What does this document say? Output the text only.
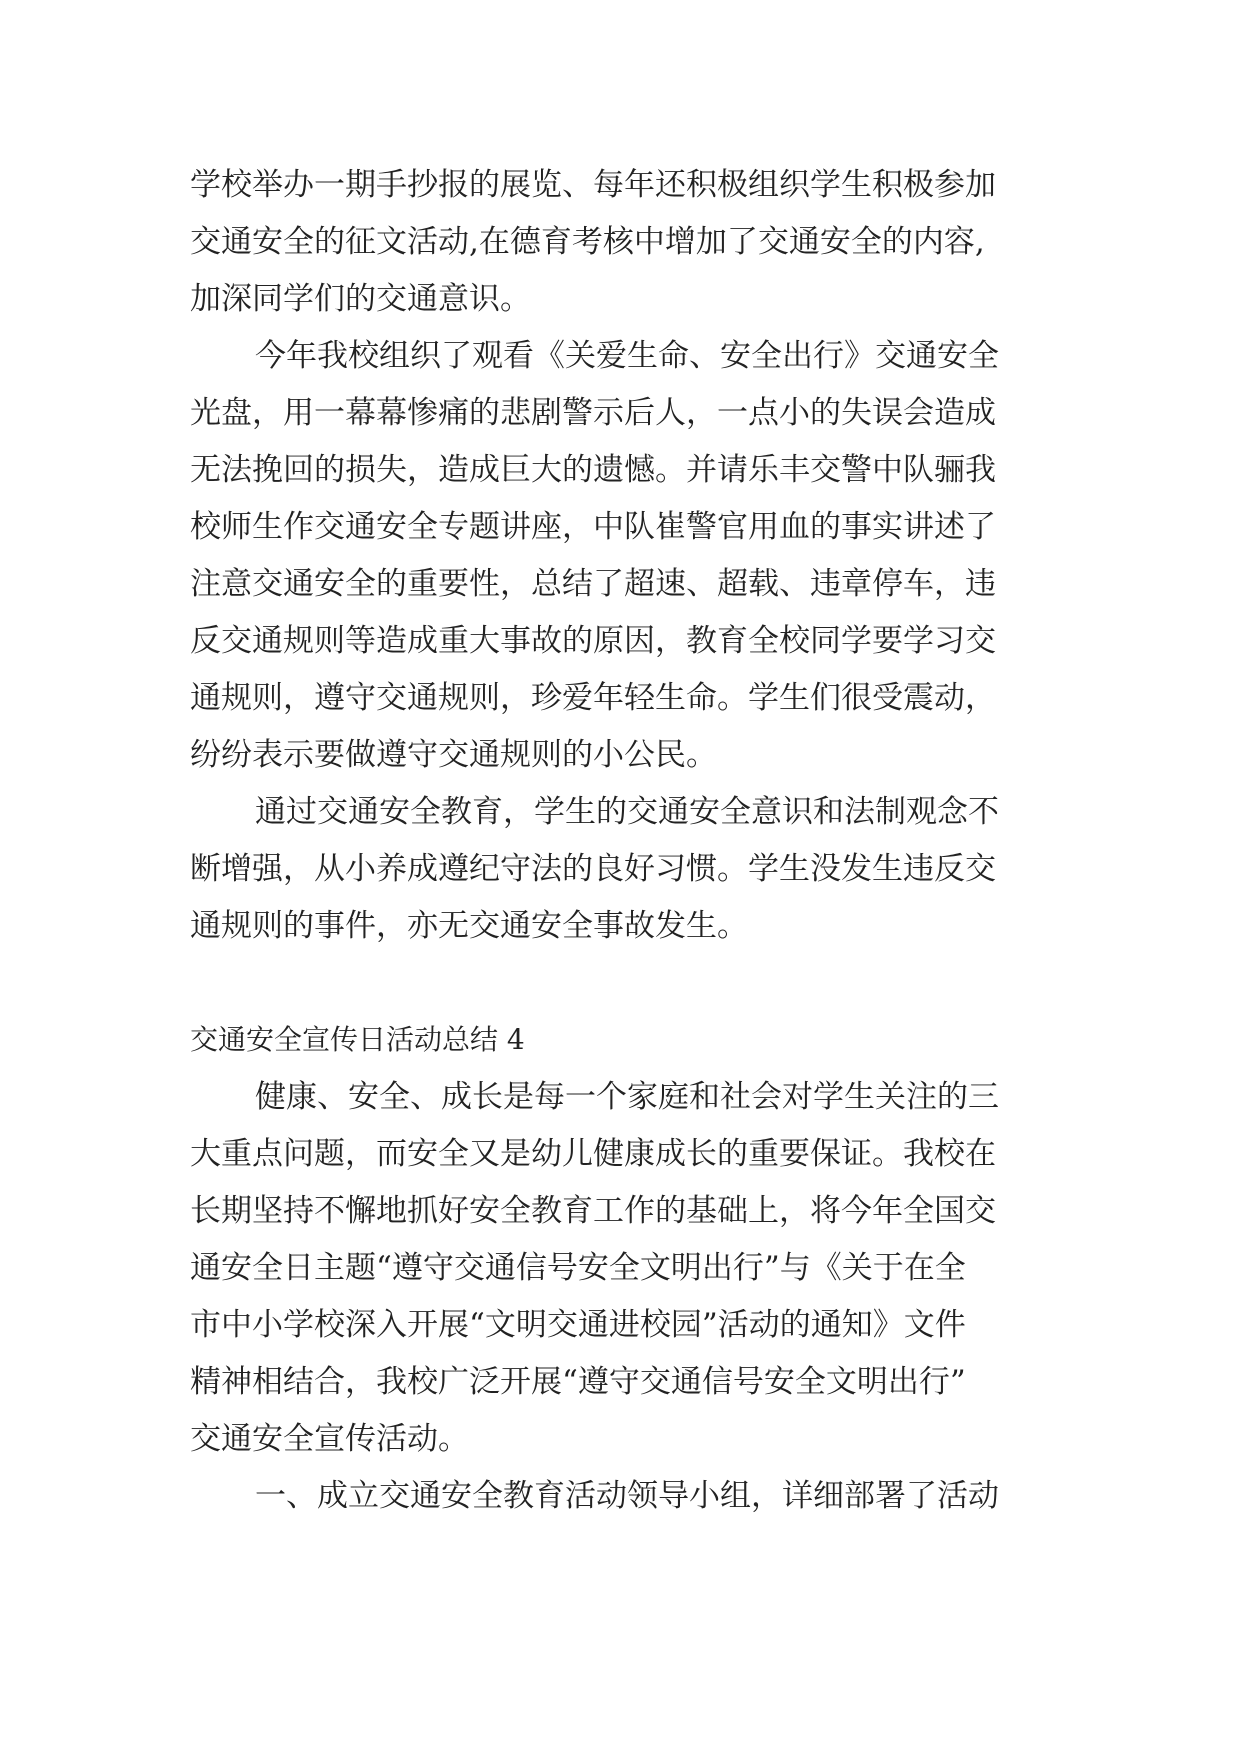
学校举办一期手抄报的展览、每年还积极组织学生积极参加
交通安全的征文活动,在德育考核中增加了交通安全的内容,
加深同学们的交通意识。
今年我校组织了观看《关爱生命、安全出行》交通安全
光盘，用一幕幕惨痛的悲剧警示后人，一点小的失误会造成
无法挽回的损失，造成巨大的遗憾。并请乐丰交警中队骊我
校师生作交通安全专题讲座，中队崔警官用血的事实讲述了
注意交通安全的重要性，总结了超速、超载、违章停车，违
反交通规则等造成重大事故的原因，教育全校同学要学习交
通规则，遵守交通规则，珍爱年轻生命。学生们很受震动，
纷纷表示要做遵守交通规则的小公民。
通过交通安全教育，学生的交通安全意识和法制观念不
断增强，从小养成遵纪守法的良好习惯。学生没发生违反交
通规则的事件，亦无交通安全事故发生。
交通安全宣传日活动总结 4
健康、安全、成长是每一个家庭和社会对学生关注的三
大重点问题，而安全又是幼儿健康成长的重要保证。我校在
长期坚持不懈地抓好安全教育工作的基础上，将今年全国交
通安全日主题“遵守交通信号安全文明出行”与《关于在全
市中小学校深入开展“文明交通进校园”活动的通知》文件
精神相结合，我校广泛开展“遵守交通信号安全文明出行”
交通安全宣传活动。
一、成立交通安全教育活动领导小组，详细部署了活动
